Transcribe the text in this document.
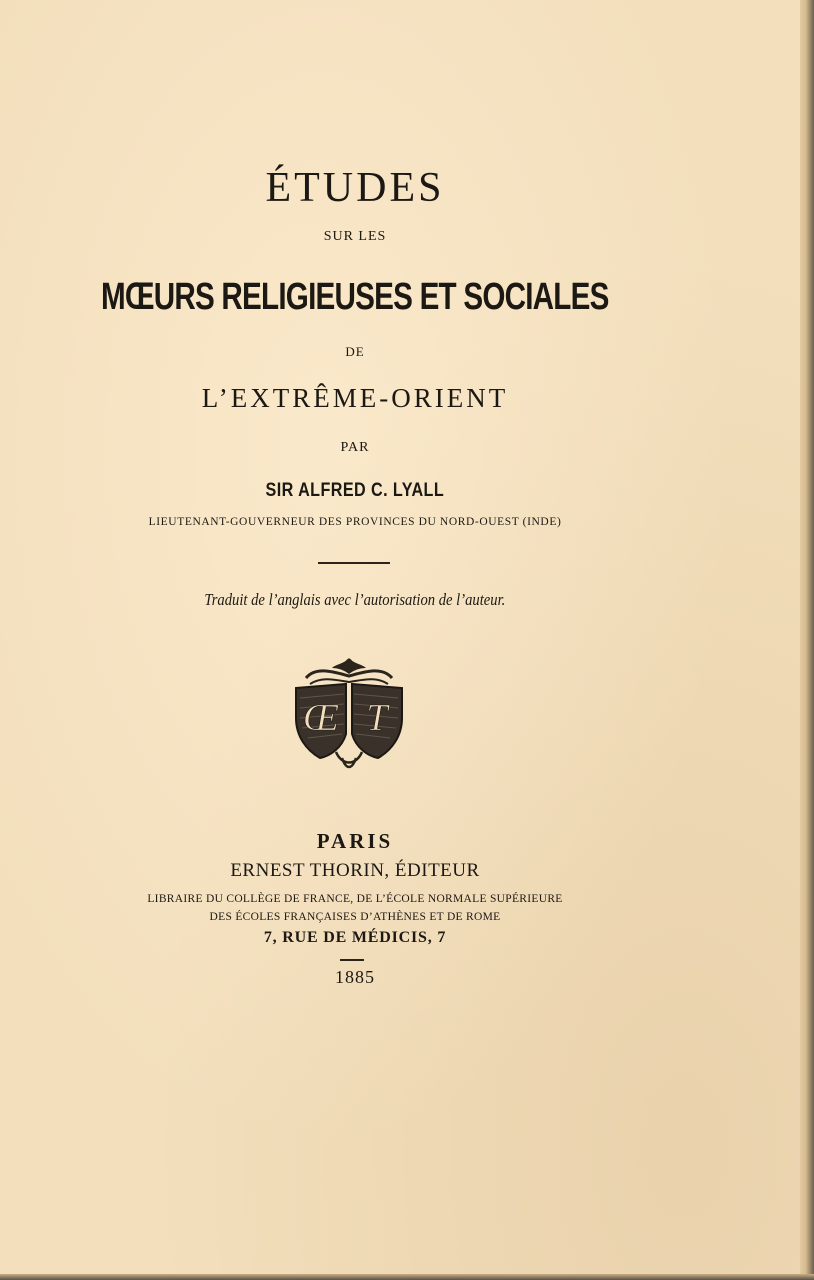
ÉTUDES
SUR LES
MŒURS RELIGIEUSES ET SOCIALES
DE
L’EXTRÊME-ORIENT
PAR
SIR ALFRED C. LYALL
LIEUTENANT-GOUVERNEUR DES PROVINCES DU NORD-OUEST (INDE)
Traduit de l’anglais avec l’autorisation de l’auteur.
Œ T
PARIS
ERNEST THORIN, ÉDITEUR
LIBRAIRE DU COLLÈGE DE FRANCE, DE L’ÉCOLE NORMALE SUPÉRIEURE
DES ÉCOLES FRANÇAISES D’ATHÈNES ET DE ROME
7, RUE DE MÉDICIS, 7
1885
